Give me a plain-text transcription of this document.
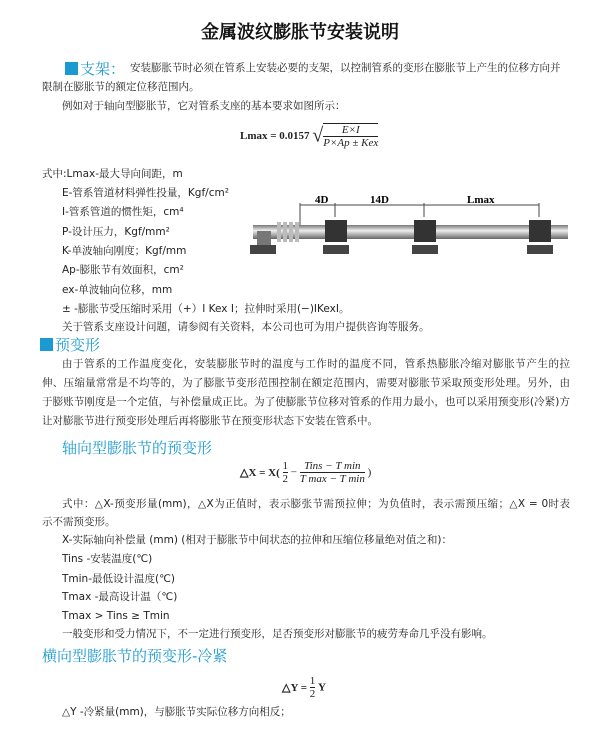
金属波纹膨胀节安装说明
支架： 安装膨胀节时必须在管系上安装必要的支架，以控制管系的变形在膨胀节上产生的位移方向并
限制在膨胀节的额定位移范围内。
例如对于轴向型膨胀节，它对管系支座的基本要求如图所示：
Lmax = 0.0157 √	E×I
P×Ap ± Kex
式中:Lmax-最大导向间距，m
E-管系管道材料弹性投量，Kgf/cm²
I-管系管道的惯性矩，cm⁴
P-设计压力，Kgf/mm²
K-单波轴向刚度；Kgf/mm
Ap-膨胀节有效面积，cm²
ex-单波轴向位移，mm
± -膨胀节受压缩时采用（+）I Kex I；拉伸时采用(−)IKexI。
关于管系支座设计问题，请参阅有关资料，本公司也可为用户提供咨询等服务。
4D	14D	Lmax
预变形
由于管系的工作温度变化，安装膨胀节时的温度与工作时的温度不同，管系热膨胀冷缩对膨胀节产生的拉
伸、压缩量常常是不均等的，为了膨胀节变形范围控制在额定范围内，需要对膨胀节采取预变形处理。另外，由
于膨账节刚度是一个定值，与补偿量成正比。为了使膨胀节位移对管系的作用力最小，也可以采用预变形(冷紧)方
让对膨胀节进行预变形处理后再将膨胀节在预变形状态下安装在管系中。
轴向型膨胀节的预变形
△X = $X( \frac{1}{2}$ −
Tins − T min
T max − T min
)
式中：△X-预变形量(mm)，△X为正值时，表示膨张节需预拉伸；为负值时，表示需预压缩；△X = 0时表
示不需预变形。
X-实际轴向补偿量 (mm) (相对于膨胀节中间状态的拉伸和压缩位移量绝对值之和)：
Tins -安装温度(℃)
Tmin-最低设计温度(℃)
Tmax -最高设计温（℃)
Tmax > Tins ≥ Tmin
一般变形和受力情况下，不一定进行预变形，足否预变形对膨胀节的疲劳寿命几乎没有影响。
横向型膨胀节的预变形-冷紧
△Y = $\frac{1}{2}$ Y
△Y -冷紧量(mm)，与膨胀节实际位移方向相反；
